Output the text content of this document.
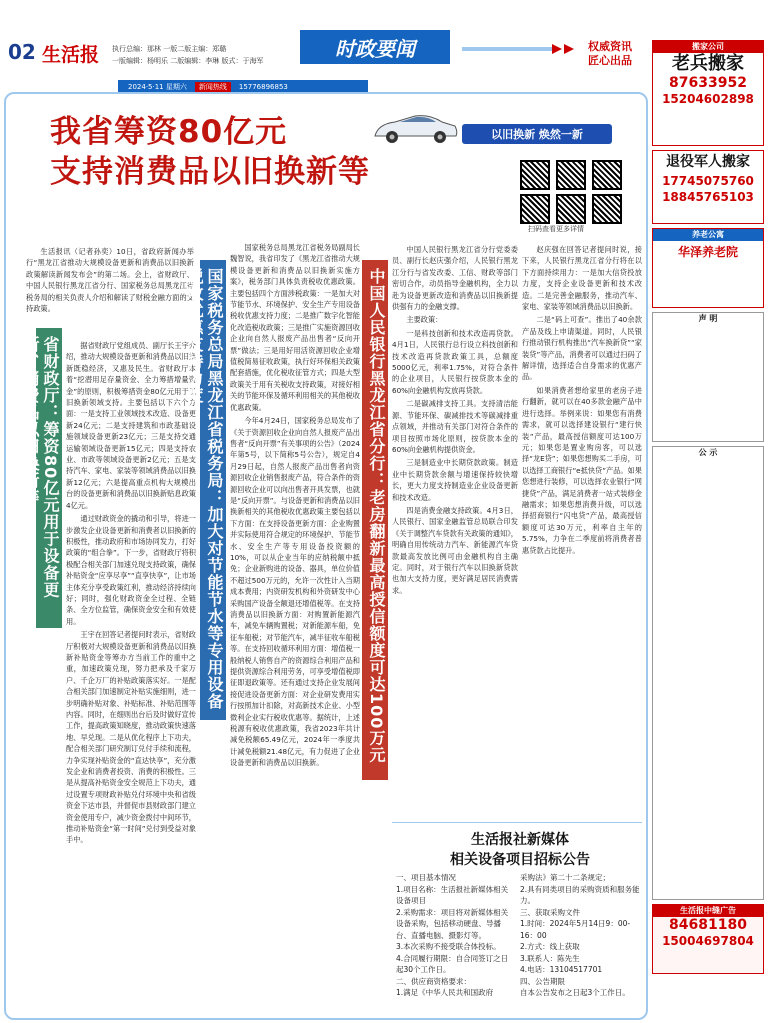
02 生活报 执行总编：那林 一版二版主编：郑璐
一版编辑：杨明乐 二版编辑：李琳 版式：于海军
时政要闻	权威资讯
匠心出品
2024·5·11 星期六	新闻热线	15776896853
我省筹资80亿元
支持消费品以旧换新等
以旧换新 焕然一新
扫码查看更多详情

生活报讯（记者孙奕）10日，省政府新闻办举行“黑龙江省推动大规模设备更新和消费品以旧换新政策解读新闻发布会”的第二场。会上，省财政厅、中国人民银行黑龙江省分行、国家税务总局黑龙江省税务局的相关负责人介绍和解读了财税金融方面的支持政策。

省财政厅：筹资80亿元用于设备更新、消费品以旧换新等	据省财政厅党组成员、副厅长王宇介绍，推动大规模设备更新和消费品以旧换新既稳经济，又惠及民生。省财政厅本着“挖潜用足存量资金、全力筹措增量资金”的原则，积极筹措资金80亿元用于以旧换新领域支持。主要包括以下六个方面：一是支持工业领域技术改造、设备更新24亿元；二是支持建筑和市政基础设施领域设备更新23亿元；三是支持交通运输领域设备更新15亿元；四是支持农业、市政等领域设备更新2亿元；五是支持汽车、家电、家装等领域消费品以旧换新12亿元；六是提高重点机构大规模出台的设备更新和消费品以旧换新贴息政策4亿元。

通过财政资金的撬动和引导，将进一步激发企业设备更新和消费者以旧换新的积极性，推动政府和市场协同发力，打好政策的“组合拳”。下一步，省财政厅将积极配合相关部门加速兑现支持政策，确保补贴资金“应享尽享”“直享快享”，让市场主体充分享受政策红利，推动经济持续向好；同时，强化财政资金全过程、全链条、全方位监管，确保资金安全和有效使用。

王宇在回答记者提问时表示，省财政厅积极对大规模设备更新和消费品以旧换新补贴资金等筹办方当前工作的重中之重，加速政策兑现，努力把承及千家万户、千企万厂的补贴政策落实好。一是配合相关部门加速制定补贴实施细则，进一步明确补贴对象、补贴标准、补贴范围等内容。同时，在细则出台后及时做好宣传工作，提高政策知晓度，推动政策快速落地、早兑现。二是从优化程序上下功夫，配合相关部门研究制订兑付手续和流程，力争实现补贴资金的“直达快享”，充分激发企业和消费者投资、消费的积极性。三是从提高补贴资金安全规范上下功夫，通过设置专项财政补贴兑付环境中央和省级资金下达市县，并督促市县财政部门建立资金使用专户，减少资金拨付中间环节，推动补贴资金“第一时间”兑付到受益对象手中。

国家税务总局黑龙江省税务局：加大对节能节水等专用设备税收优惠支持力度

国家税务总局黑龙江省税务局副局长魏智说，我省印发了《黑龙江省推动大规模设备更新和消费品以旧换新实施方案》，税务部门具体负责税收优惠政策。主要包括四个方面涉税政策：一是加大对节能节水、环境保护、安全生产专用设备税收优惠支持力度；二是推广数字化智能化改造税收政策；三是推广实施资源回收企业向自然人报废产品出售者“反向开票”做法；三是用好用活资源回收企业增值税简易征收政策，执行好环保相关政策配套措施，优化税收征管方式；四是大型政策关于用有关税收支持政策，对接好相关的节能环保及循环利用相关的其他税收优惠政策。

今年4月24日，国家税务总局发布了《关于资源回收企业向自然人报废产品出售者“反向开票”有关事项的公告》（2024年第5号，以下简称5号公告），规定自4月29日起，自然人报废产品出售者向资源回收企业销售报废产品，符合条件的资源回收企业可以向出售者开具发票，也就是“反向开票”。与设备更新和消费品以旧换新相关的其他税收优惠政策主要包括以下方面：在支持设备更新方面：企业购置并实际使用符合规定的环境保护、节能节水、安全生产等专用设备投资额的10%，可以从企业当年的应纳税额中抵免；企业新购进的设备、器具，单位价值不超过500万元的，允许一次性计入当期成本费用；内资研发机构和外资研发中心采购国产设备全额退还增值税等。在支持消费品以旧换新方面：对购置新能源汽车，减免车辆购置税；对新能源车船，免征车船税；对节能汽车，减半征收车船税等。在支持回收循环利用方面：增值税一般纳税人销售自产的资源综合利用产品和提供资源综合利用劳务，可享受增值税即征即退政策等。还有通过支持企业发展间接促进设备更新方面：对企业研发费用实行按照加计扣除，对高新技术企业、小型微利企业实行税收优惠等。据统计，上述税源有税收优惠政策，我省2023年共计减免税额65.49亿元，2024年一季度共计减免税额21.48亿元，有力促进了企业设备更新和消费品以旧换新。	中国人民银行黑龙江省分行：老房翻新最高授信额度可达100万元

中国人民银行黑龙江省分行党委委员、副行长赵庆强介绍，人民银行黑龙江分行与省发改委、工信、财政等部门密切合作，动员指导金融机构，全力以赴为设备更新改造和消费品以旧换新提供强有力的金融支撑。

主要政策：

一是科技创新和技术改造再贷款。4月1日，人民银行总行设立科技创新和技术改造再贷款政策工具，总额度5000亿元，利率1.75%，对符合条件的企业项目，人民银行按贷款本金的60%向金融机构发放再贷款。

二是碳减排支持工具。支持清洁能源、节能环保、碳减排技术等碳减排重点领域，并推动有关部门对符合条件的项目按照市场化原则，按贷款本金的60%向金融机构提供资金。

三是制造业中长期贷款政策。制造业中长期贷款余额与增速保持较快增长，更大力度支持制造业企业设备更新和技术改造。

四是消费金融支持政策。4月3日，人民银行、国家金融监管总局联合印发《关于调整汽车贷款有关政策的通知》，明确自用传统动力汽车、新能源汽车贷款最高发放比例可由金融机构自主确定。同时，对于银行汽车以旧换新贷款也加大支持力度，更好满足居民消费需求。

赵庆强在回答记者提问时说，接下来，人民银行黑龙江省分行将在以下方面持续用力：一是加大信贷投放力度，支持企业设备更新和技术改造。二是完善金融服务，推动汽车、家电、家装等领域消费品以旧换新。

二是“码上可查”。推出了40余款产品及线上申请渠道。同时，人民银行推动银行机构推出“汽车换新贷”“家装贷”等产品，消费者可以通过扫码了解详情，选择适合自身需求的优惠产品。

如果消费者想给家里的老房子进行翻新，就可以在40多款金融产品中进行选择。举例来说：如果您有消费需求，就可以选择建设银行“建行快装”产品，最高授信额度可达100万元；如果您是置业购房客，可以选择“龙E贷”；如果您想购买二手房，可以选择工商银行“e抵快贷”产品。如果您想进行装修，可以选择农业银行“网捷贷”产品，满足消费者一站式装修金融需求；如果您想消费升级，可以选择招商银行“闪电贷”产品，最高授信额度可达30万元，利率自主年的5.75%，力争在二季度前将消费者普惠贷款占比提升。

生活报社新媒体
相关设备项目招标公告
一、项目基本情况
1.项目名称：生活报社新媒体相关设备项目
2.采购需求：项目将对新媒体相关设备采购，包括移动硬盘、导播台、直播电脑、摄影灯等。
3.本次采购不接受联合体投标。
4.合同履行期限：自合同签订之日起30个工作日。
二、供应商资格要求：
1.满足《中华人民共和国政府
采购法》第二十二条规定；
2.具有同类项目的采购资质和服务能力。
三、获取采购文件
1.时间：2024年5月14日9：00-16：00
2.方式：线上获取
3.联系人：陈先生
4.电话：13104517701
四、公告期限
自本公告发布之日起3个工作日。
搬家公司
老兵搬家
87633952
15204602898
退役军人搬家
17745075760
18845765103
养老公寓
华泽养老院
声 明
公 示
生活报中缝广告
84681180
15004697804
